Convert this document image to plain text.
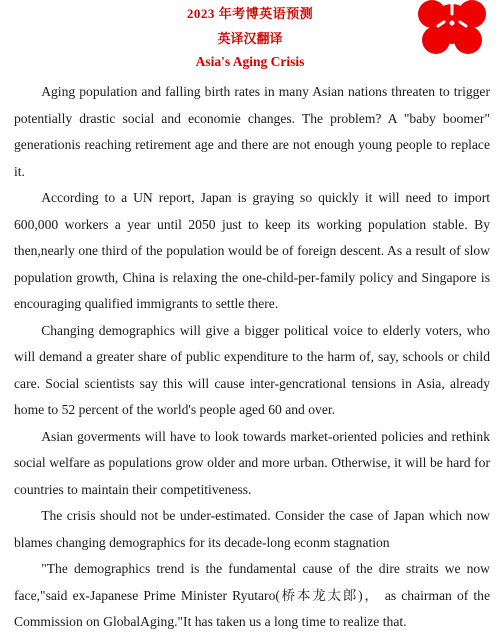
2023 年考博英语预测
英译汉翻译
Asia's Aging Crisis

Aging population and falling birth rates in many Asian nations threaten to trigger potentially drastic social and economie changes. The problem? A "baby boomer" generationis reaching retirement age and there are not enough young people to replace it.

According to a UN report, Japan is graying so quickly it will need to import 600,000 workers a year until 2050 just to keep its working population stable. By then,nearly one third of the population would be of foreign descent. As a result of slow population growth, China is relaxing the one-child-per-family policy and Singapore is encouraging qualified immigrants to settle there.

Changing demographics will give a bigger political voice to elderly voters, who will demand a greater share of public expenditure to the harm of, say, schools or child care. Social scientists say this will cause inter-gencrational tensions in Asia, already home to 52 percent of the world's people aged 60 and over.

Asian goverments will have to look towards market-oriented policies and rethink social welfare as populations grow older and more urban. Otherwise, it will be hard for countries to maintain their competitiveness.

The crisis should not be under-estimated. Consider the case of Japan which now blames changing demographics for its decade-long econm stagnation

"The demographics trend is the fundamental cause of the dire straits we now face,"said ex-Japanese Prime Minister Ryutaro(桥本龙太郎)， as chairman of the Commission on GlobalAging."It has taken us a long time to realize that.
